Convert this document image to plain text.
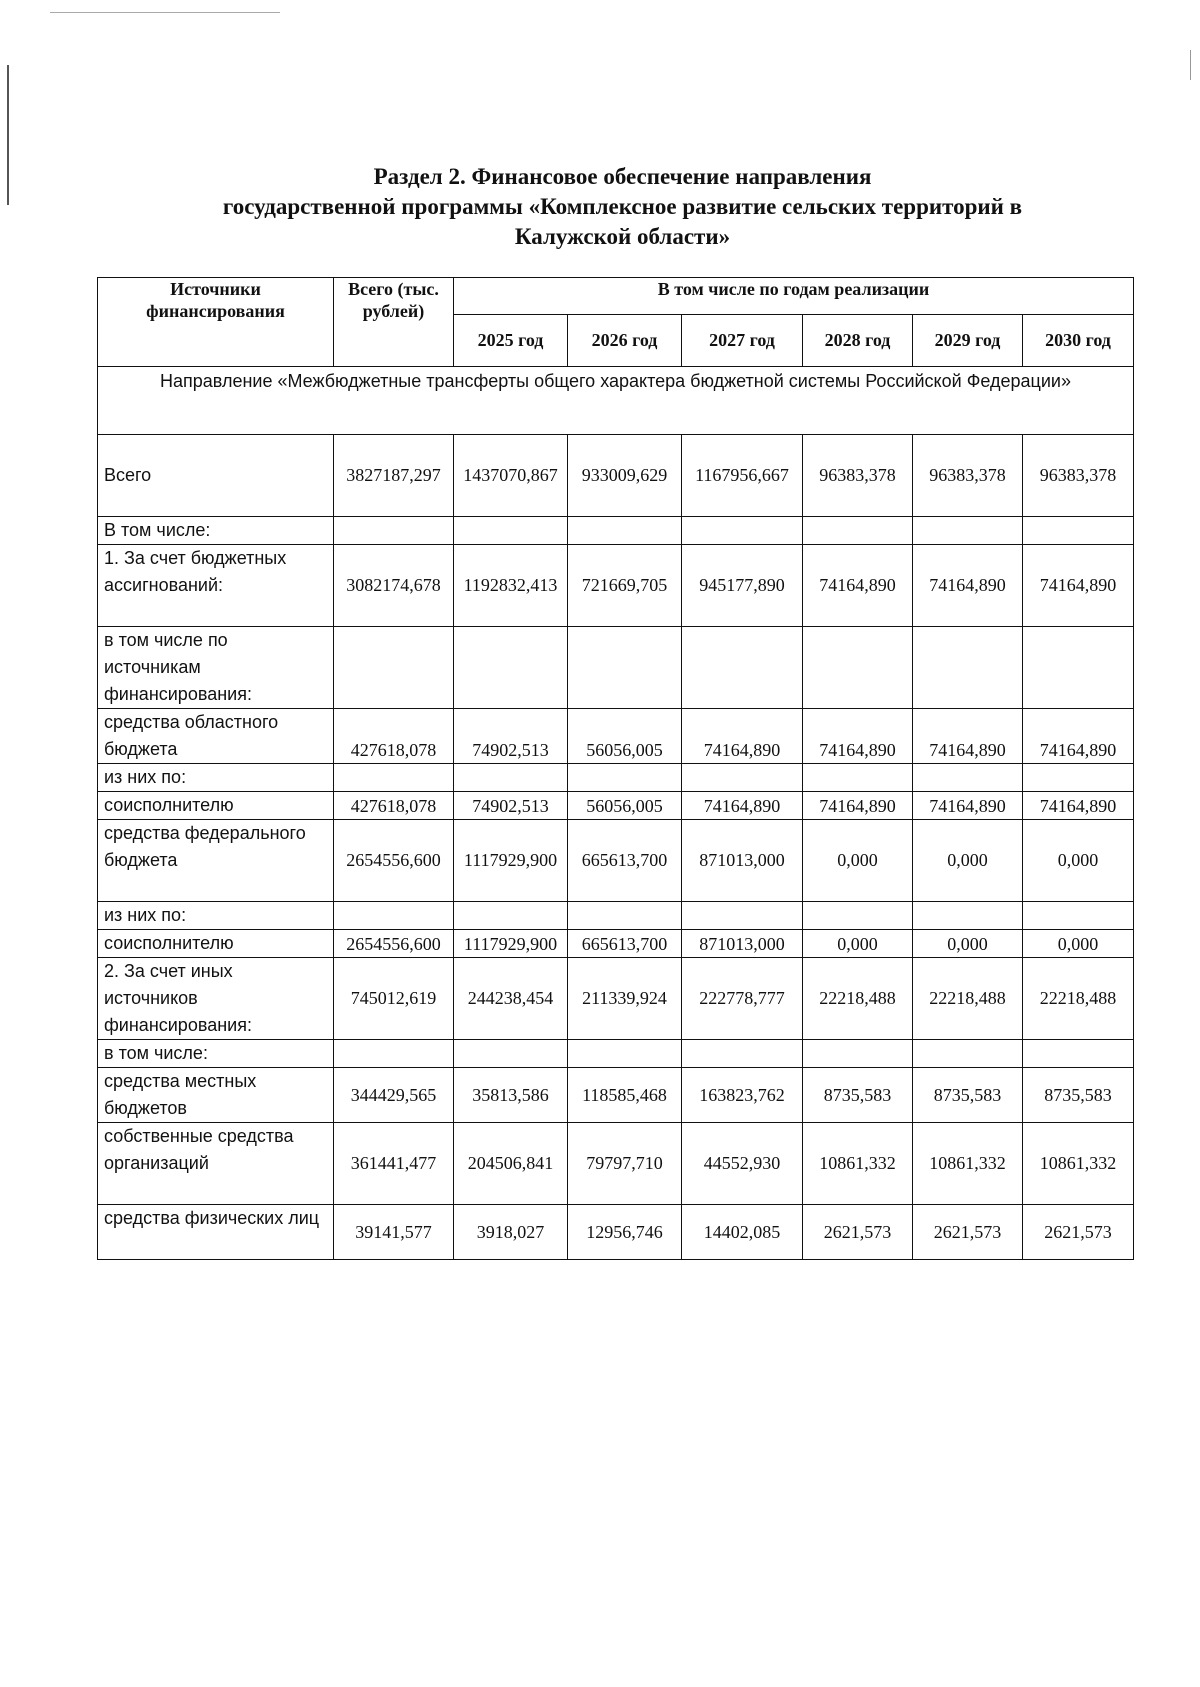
Раздел 2. Финансовое обеспечение направления
государственной программы «Комплексное развитие сельских территорий в
Калужской области»
Источники финансирования	Всего (тыс. рублей)	В том числе по годам реализации					
		2025 год	2026 год	2027 год	2028 год	2029 год	2030 год
Направление «Межбюджетные трансферты общего характера бюджетной системы Российской Федерации»							
Всего	3827187,297	1437070,867	933009,629	1167956,667	96383,378	96383,378	96383,378
В том числе:							
1. За счет бюджетных ассигнований:	3082174,678	1192832,413	721669,705	945177,890	74164,890	74164,890	74164,890
в том числе по источникам финансирования:							
средства областного бюджета	427618,078	74902,513	56056,005	74164,890	74164,890	74164,890	74164,890
из них по:							
соисполнителю	427618,078	74902,513	56056,005	74164,890	74164,890	74164,890	74164,890
средства федерального бюджета	2654556,600	1117929,900	665613,700	871013,000	0,000	0,000	0,000
из них по:							
соисполнителю	2654556,600	1117929,900	665613,700	871013,000	0,000	0,000	0,000
2. За счет иных источников финансирования:	745012,619	244238,454	211339,924	222778,777	22218,488	22218,488	22218,488
в том числе:							
средства местных бюджетов	344429,565	35813,586	118585,468	163823,762	8735,583	8735,583	8735,583
собственные средства организаций	361441,477	204506,841	79797,710	44552,930	10861,332	10861,332	10861,332
средства физических лиц	39141,577	3918,027	12956,746	14402,085	2621,573	2621,573	2621,573
